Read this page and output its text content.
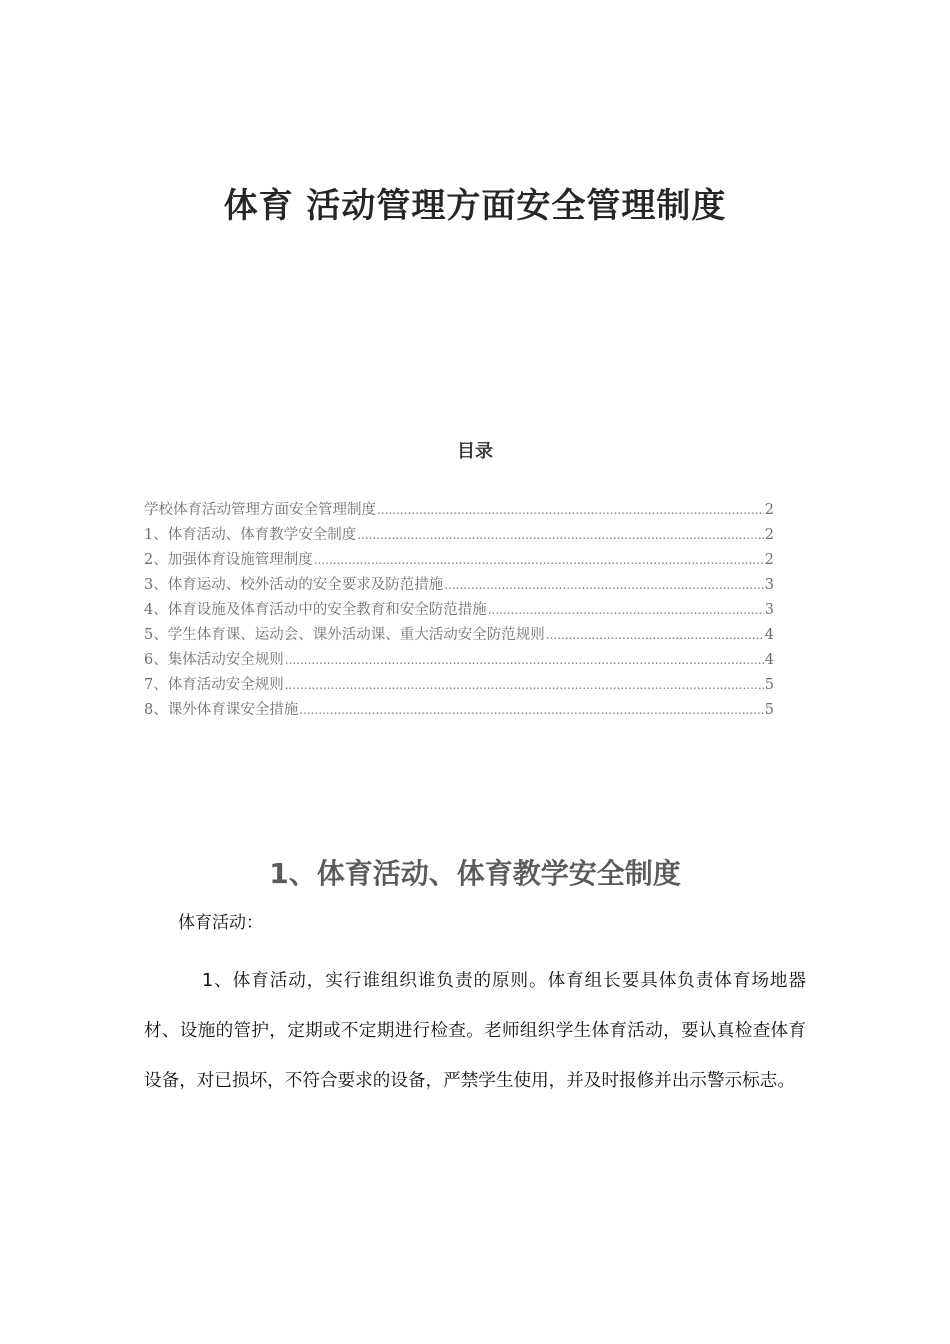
体育 活动管理方面安全管理制度
目录
学校体育活动管理方面安全管理制度 .....	2
1、体育活动、体育教学安全制度 .....	2
2、加强体育设施管理制度 .....	2
3、体育运动、校外活动的安全要求及防范措施 .....	3
4、体育设施及体育活动中的安全教育和安全防范措施 .....	3
5、学生体育课、运动会、课外活动课、重大活动安全防范规则 .....	4
6、集体活动安全规则 .....	4
7、体育活动安全规则 .....	5
8、课外体育课安全措施 .....	5
1、体育活动、体育教学安全制度
体育活动：

1、体育活动，实行谁组织谁负责的原则。体育组长要具体负责体育场地器材、设施的管护，定期或不定期进行检查。老师组织学生体育活动，要认真检查体育设备，对已损坏，不符合要求的设备，严禁学生使用，并及时报修并出示警示标志。
